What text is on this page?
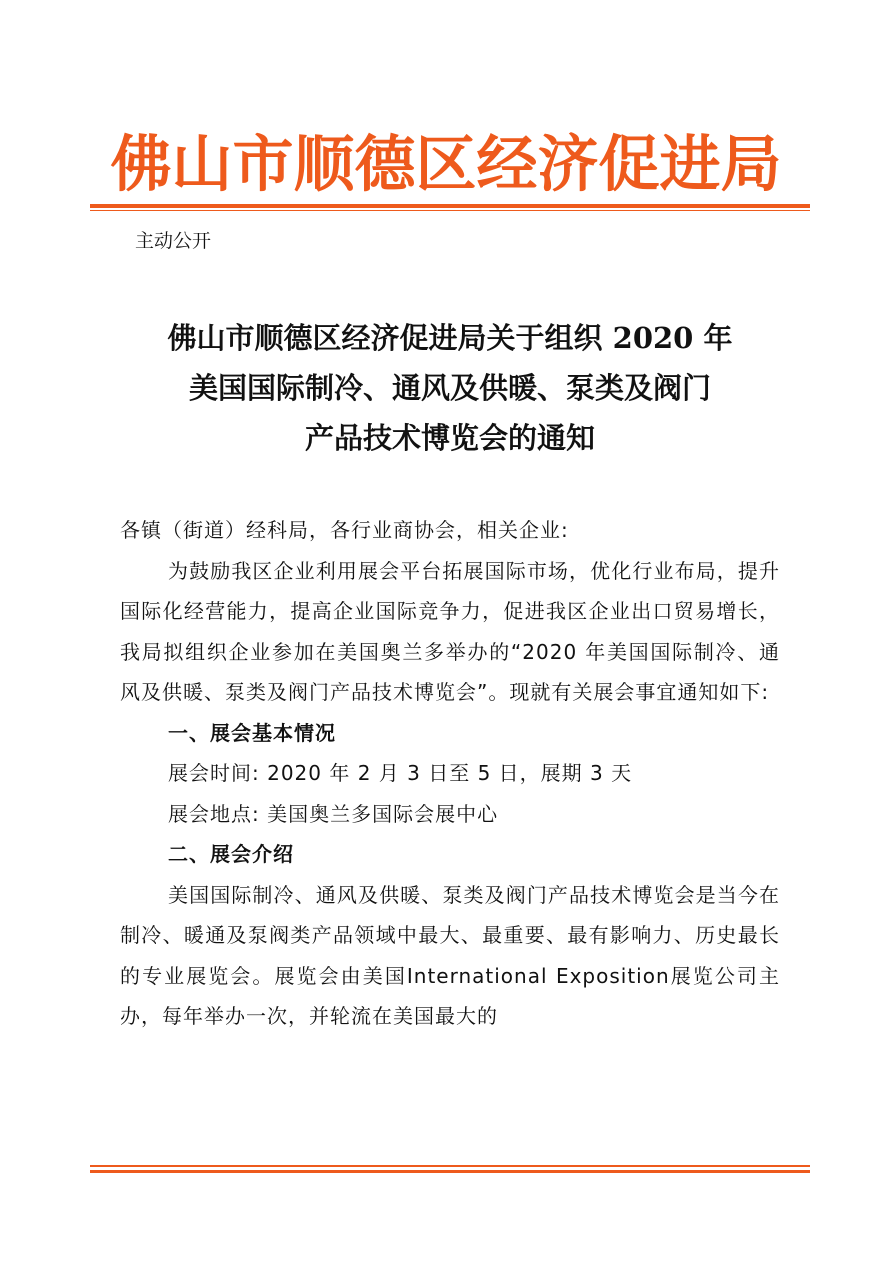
佛山市顺德区经济促进局
主动公开
佛山市顺德区经济促进局关于组织 2020 年
美国国际制冷、通风及供暖、泵类及阀门
产品技术博览会的通知

各镇（街道）经科局，各行业商协会，相关企业:

为鼓励我区企业利用展会平台拓展国际市场，优化行业布局，提升国际化经营能力，提高企业国际竞争力，促进我区企业出口贸易增长，我局拟组织企业参加在美国奥兰多举办的“2020 年美国国际制冷、通风及供暖、泵类及阀门产品技术博览会”。现就有关展会事宜通知如下:

一、展会基本情况

展会时间: 2020 年 2 月 3 日至 5 日，展期 3 天

展会地点: 美国奥兰多国际会展中心

二、展会介绍

美国国际制冷、通风及供暖、泵类及阀门产品技术博览会是当今在制冷、暖通及泵阀类产品领域中最大、最重要、最有影响力、历史最长的专业展览会。展览会由美国International Exposition展览公司主办，每年举办一次，并轮流在美国最大的
